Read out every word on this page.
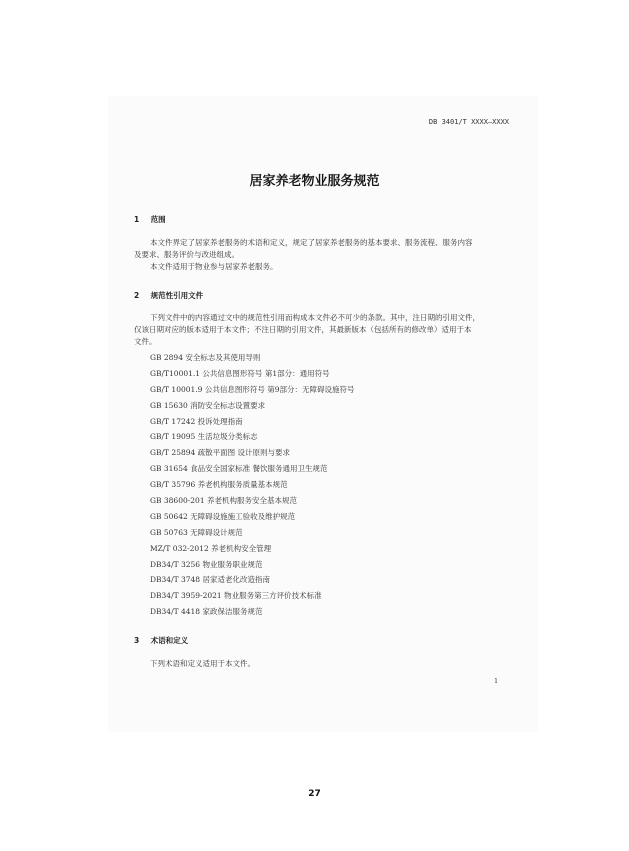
DB 3401/T XXXX—XXXX
居家养老物业服务规范
1 范围
本文件界定了居家养老服务的术语和定义，规定了居家养老服务的基本要求、服务流程、服务内容
及要求、服务评价与改进组成。
本文件适用于物业参与居家养老服务。
2 规范性引用文件
下列文件中的内容通过文中的规范性引用而构成本文件必不可少的条款。其中，注日期的引用文件，
仅该日期对应的版本适用于本文件；不注日期的引用文件，其最新版本（包括所有的修改单）适用于本
文件。
GB 2894 安全标志及其使用导则
GB/T10001.1 公共信息图形符号 第1部分：通用符号
GB/T 10001.9 公共信息图形符号 第9部分：无障碍设施符号
GB 15630 消防安全标志设置要求
GB/T 17242 投诉处理指南
GB/T 19095 生活垃圾分类标志
GB/T 25894 疏散平面图 设计原则与要求
GB 31654 食品安全国家标准 餐饮服务通用卫生规范
GB/T 35796 养老机构服务质量基本规范
GB 38600-201 养老机构服务安全基本规范
GB 50642 无障碍设施施工验收及维护规范
GB 50763 无障碍设计规范
MZ/T 032-2012 养老机构安全管理
DB34/T 3256 物业服务职业规范
DB34/T 3748 居家适老化改造指南
DB34/T 3959-2021 物业服务第三方评价技术标准
DB34/T 4418 家政保洁服务规范
3 术语和定义
下列术语和定义适用于本文件。
1
27
